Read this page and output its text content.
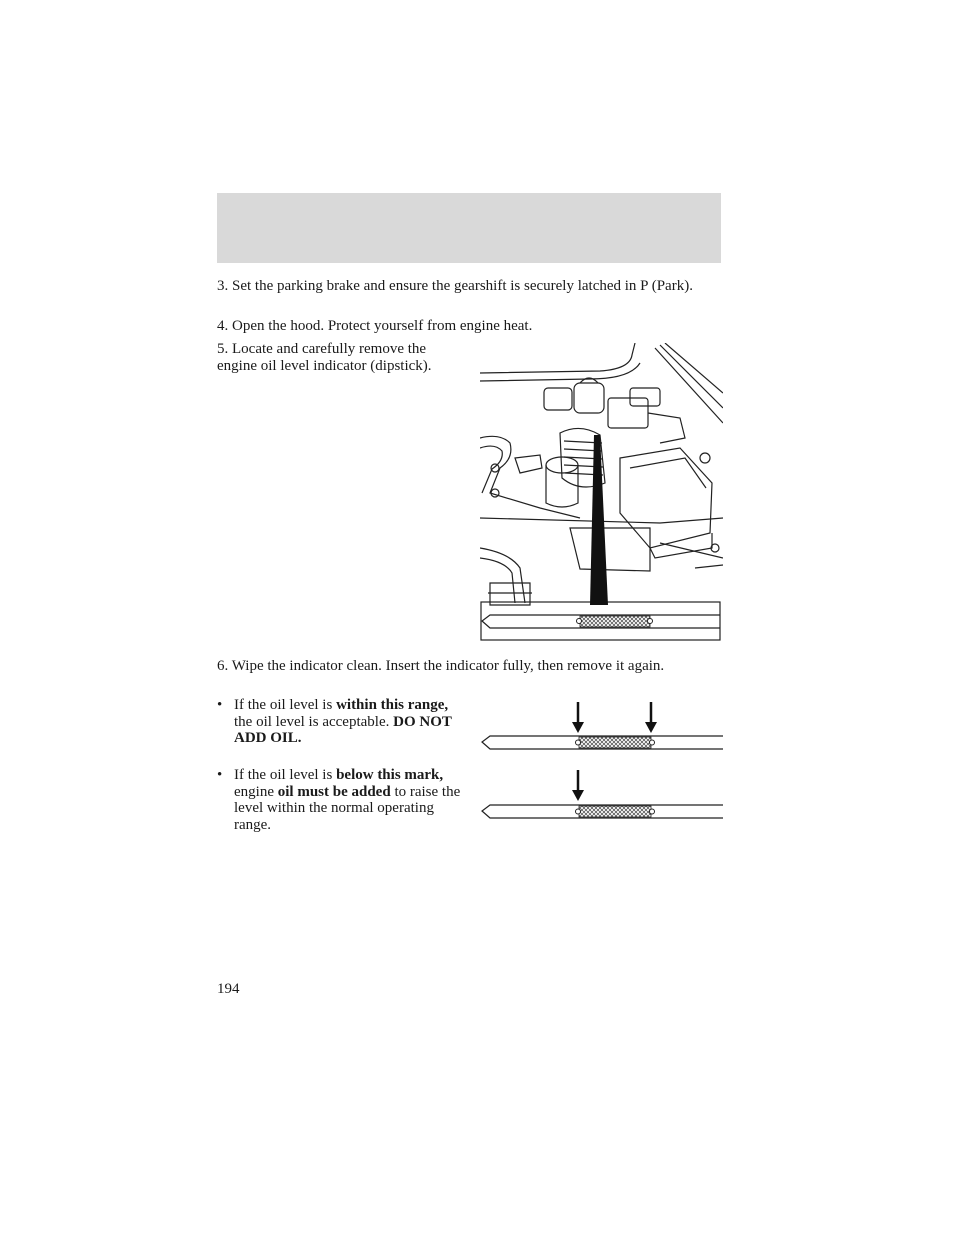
3. Set the parking brake and ensure the gearshift is securely latched in P (Park).

4. Open the hood. Protect yourself from engine heat.

5. Locate and carefully remove the engine oil level indicator (dipstick).

6. Wipe the indicator clean. Insert the indicator fully, then remove it again.

• If the oil level is within this range, the oil level is acceptable. DO NOT ADD OIL.
• If the oil level is below this mark, engine oil must be added to raise the level within the normal operating range.
194
